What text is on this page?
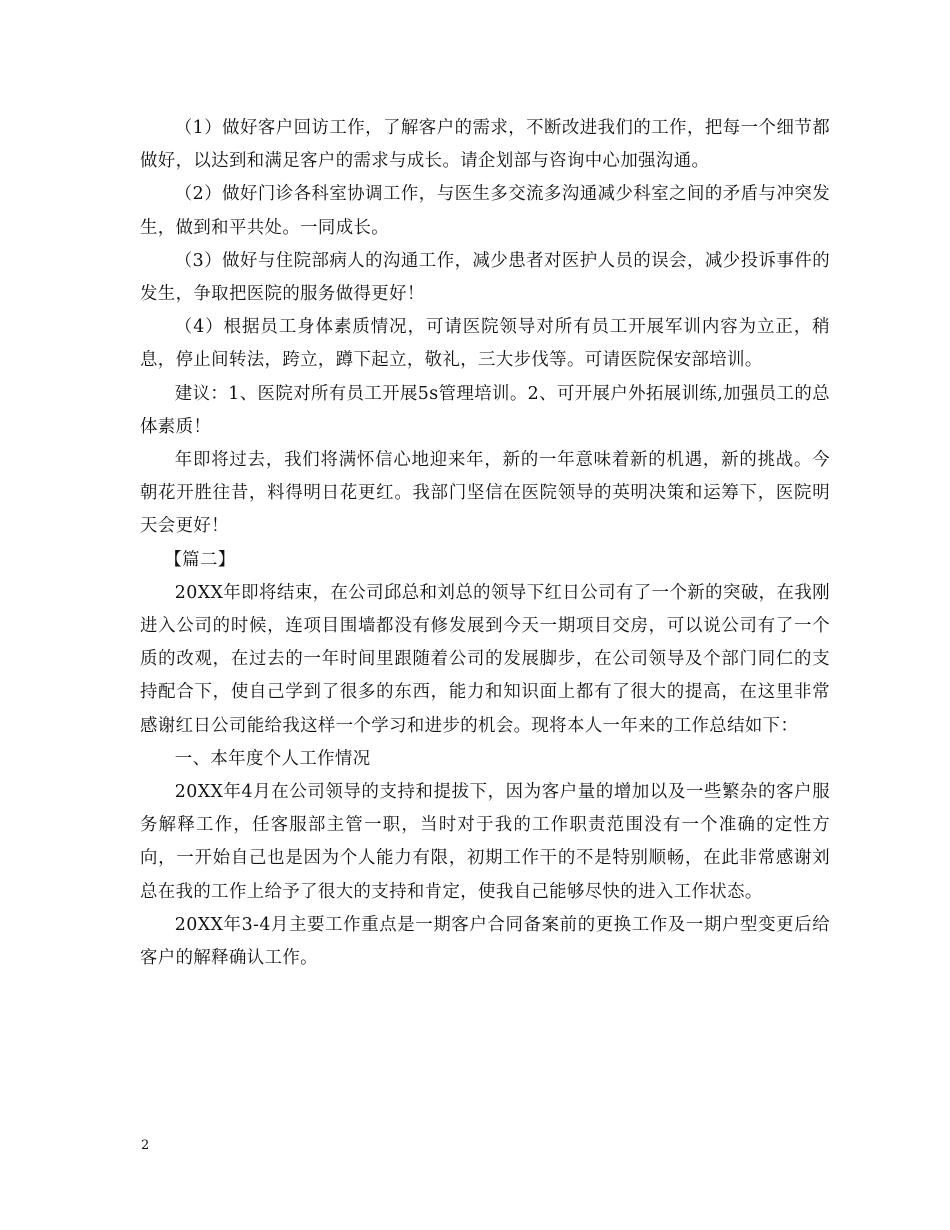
（1）做好客户回访工作，了解客户的需求，不断改进我们的工作，把每一个细节都做好，以达到和满足客户的需求与成长。请企划部与咨询中心加强沟通。

（2）做好门诊各科室协调工作，与医生多交流多沟通减少科室之间的矛盾与冲突发生，做到和平共处。一同成长。

（3）做好与住院部病人的沟通工作，减少患者对医护人员的误会，减少投诉事件的发生，争取把医院的服务做得更好！

（4）根据员工身体素质情况，可请医院领导对所有员工开展军训内容为立正，稍息，停止间转法，跨立，蹲下起立，敬礼，三大步伐等。可请医院保安部培训。

建议：1、医院对所有员工开展5s管理培训。2、可开展户外拓展训练,加强员工的总体素质！

年即将过去，我们将满怀信心地迎来年，新的一年意味着新的机遇，新的挑战。今朝花开胜往昔，料得明日花更红。我部门坚信在医院领导的英明决策和运筹下，医院明天会更好！

【篇二】

20XX年即将结束，在公司邱总和刘总的领导下红日公司有了一个新的突破，在我刚进入公司的时候，连项目围墙都没有修发展到今天一期项目交房，可以说公司有了一个质的改观，在过去的一年时间里跟随着公司的发展脚步，在公司领导及个部门同仁的支持配合下，使自己学到了很多的东西，能力和知识面上都有了很大的提高，在这里非常感谢红日公司能给我这样一个学习和进步的机会。现将本人一年来的工作总结如下：

一、本年度个人工作情况

20XX年4月在公司领导的支持和提拔下，因为客户量的增加以及一些繁杂的客户服务解释工作，任客服部主管一职，当时对于我的工作职责范围没有一个准确的定性方向，一开始自己也是因为个人能力有限，初期工作干的不是特别顺畅，在此非常感谢刘总在我的工作上给予了很大的支持和肯定，使我自己能够尽快的进入工作状态。

20XX年3-4月主要工作重点是一期客户合同备案前的更换工作及一期户型变更后给客户的解释确认工作。

2
